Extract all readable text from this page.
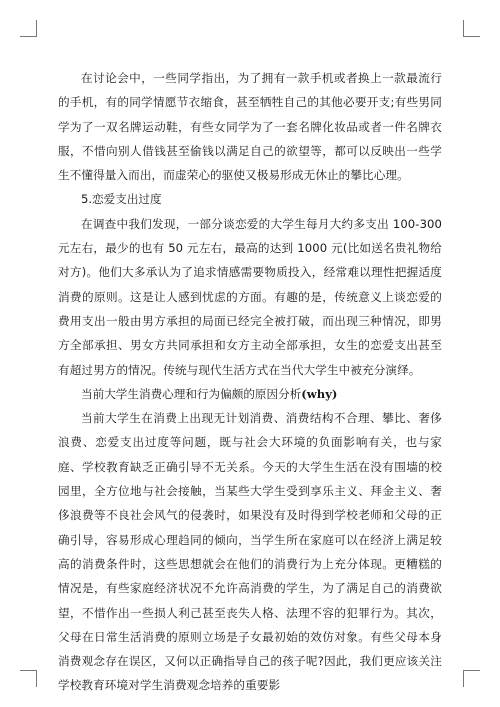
在讨论会中，一些同学指出，为了拥有一款手机或者换上一款最流行的手机，有的同学情愿节衣缩食，甚至牺牲自己的其他必要开支;有些男同学为了一双名牌运动鞋，有些女同学为了一套名牌化妆品或者一件名牌衣服，不惜向别人借钱甚至偷钱以满足自己的欲望等，都可以反映出一些学生不懂得量入而出，而虚荣心的驱使又极易形成无休止的攀比心理。

5.恋爱支出过度

在调查中我们发现，一部分谈恋爱的大学生每月大约多支出 100-300 元左右，最少的也有 50 元左右，最高的达到 1000 元(比如送名贵礼物给对方)。他们大多承认为了追求情感需要物质投入，经常难以理性把握适度消费的原则。这是让人感到忧虑的方面。有趣的是，传统意义上谈恋爱的费用支出一般由男方承担的局面已经完全被打破，而出现三种情况，即男方全部承担、男女方共同承担和女方主动全部承担，女生的恋爱支出甚至有超过男方的情况。传统与现代生活方式在当代大学生中被充分演绎。

当前大学生消费心理和行为偏颇的原因分析(why)

当前大学生在消费上出现无计划消费、消费结构不合理、攀比、奢侈浪费、恋爱支出过度等问题，既与社会大环境的负面影响有关，也与家庭、学校教育缺乏正确引导不无关系。今天的大学生生活在没有围墙的校园里，全方位地与社会接触，当某些大学生受到享乐主义、拜金主义、奢侈浪费等不良社会风气的侵袭时，如果没有及时得到学校老师和父母的正确引导，容易形成心理趋同的倾向，当学生所在家庭可以在经济上满足较高的消费条件时，这些思想就会在他们的消费行为上充分体现。更糟糕的情况是，有些家庭经济状况不允许高消费的学生，为了满足自己的消费欲望，不惜作出一些损人利己甚至丧失人格、法理不容的犯罪行为。其次，父母在日常生活消费的原则立场是子女最初始的效仿对象。有些父母本身消费观念存在误区，又何以正确指导自己的孩子呢?因此，我们更应该关注学校教育环境对学生消费观念培养的重要影
